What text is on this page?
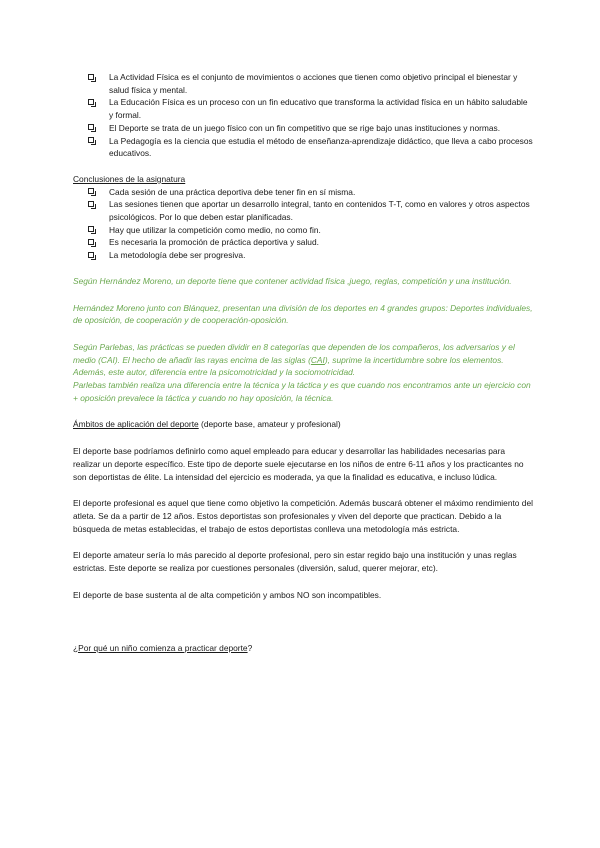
La Actividad Física es el conjunto de movimientos o acciones que tienen como objetivo principal el bienestar y salud física y mental.
La Educación Física es un proceso con un fin educativo que transforma la actividad física en un hábito saludable y formal.
El Deporte se trata de un juego físico con un fin competitivo que se rige bajo unas instituciones y normas.
La Pedagogía es la ciencia que estudia el método de enseñanza-aprendizaje didáctico, que lleva a cabo procesos educativos.

Conclusiones de la asignatura

Cada sesión de una práctica deportiva debe tener fin en sí misma.
Las sesiones tienen que aportar un desarrollo integral, tanto en contenidos T-T, como en valores y otros aspectos psicológicos. Por lo que deben estar planificadas.
Hay que utilizar la competición como medio, no como fin.
Es necesaria la promoción de práctica deportiva y salud.
La metodología debe ser progresiva.

Según Hernández Moreno, un deporte tiene que contener actividad física ,juego, reglas, competición y una institución.

Hernández Moreno junto con Blánquez, presentan una división de los deportes en 4 grandes grupos: Deportes individuales, de oposición, de cooperación y de cooperación-oposición.

Según Parlebas, las prácticas se pueden dividir en 8 categorías que dependen de los compañeros, los adversarios y el medio (CAI). El hecho de añadir las rayas encima de las siglas (CAI), suprime la incertidumbre sobre los elementos.

Además, este autor, diferencia entre la psicomotricidad y la sociomotricidad.

Parlebas también realiza una diferencia entre la técnica y la táctica y es que cuando nos encontramos ante un ejercicio con + oposición prevalece la táctica y cuando no hay oposición, la técnica.

Ámbitos de aplicación del deporte (deporte base, amateur y profesional)

El deporte base podríamos definirlo como aquel empleado para educar y desarrollar las habilidades necesarias para realizar un deporte específico. Este tipo de deporte suele ejecutarse en los niños de entre 6-11 años y los practicantes no son deportistas de élite. La intensidad del ejercicio es moderada, ya que la finalidad es educativa, e incluso lúdica.

El deporte profesional es aquel que tiene como objetivo la competición. Además buscará obtener el máximo rendimiento del atleta. Se da a partir de 12 años. Estos deportistas son profesionales y viven del deporte que practican. Debido a la búsqueda de metas establecidas, el trabajo de estos deportistas conlleva una metodología más estricta.

El deporte amateur sería lo más parecido al deporte profesional, pero sin estar regido bajo una institución y unas reglas estrictas. Este deporte se realiza por cuestiones personales (diversión, salud, querer mejorar, etc).

El deporte de base sustenta al de alta competición y ambos NO son incompatibles.

¿Por qué un niño comienza a practicar deporte?
